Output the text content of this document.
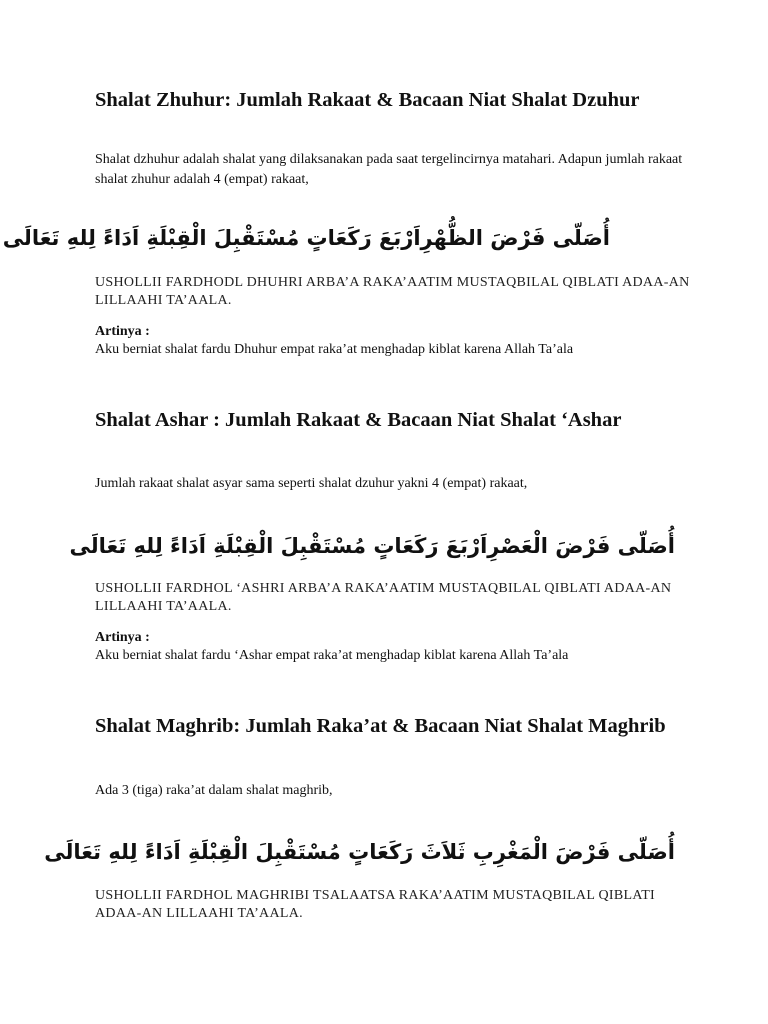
Shalat Zhuhur: Jumlah Rakaat & Bacaan Niat Shalat Dzuhur
Shalat dzhuhur adalah shalat yang dilaksanakan pada saat tergelincirnya matahari. Adapun jumlah rakaat shalat zhuhur adalah 4 (empat) rakaat,
أُصَلّى فَرْضَ الظُّهْرِاَرْبَعَ رَكَعَاتٍ مُسْتَقْبِلَ الْقِبْلَةِ اَدَاءً لِلهِ تَعَالَى
USHOLLII FARDHODL DHUHRI ARBA’A RAKA’AATIM MUSTAQBILAL QIBLATI ADAA-AN LILLAAHI TA’AALA.
Artinya :
Aku berniat shalat fardu Dhuhur empat raka’at menghadap kiblat karena Allah Ta’ala
Shalat Ashar : Jumlah Rakaat & Bacaan Niat Shalat ‘Ashar
Jumlah rakaat shalat asyar sama seperti shalat dzuhur yakni 4 (empat) rakaat,
أُصَلّى فَرْضَ الْعَصْرِاَرْبَعَ رَكَعَاتٍ مُسْتَقْبِلَ الْقِبْلَةِ اَدَاءً لِلهِ تَعَالَى
USHOLLII FARDHOL ‘ASHRI ARBA’A RAKA’AATIM MUSTAQBILAL QIBLATI ADAA-AN LILLAAHI TA’AALA.
Artinya :
Aku berniat shalat fardu ‘Ashar empat raka’at menghadap kiblat karena Allah Ta’ala
Shalat Maghrib: Jumlah Raka’at & Bacaan Niat Shalat Maghrib
Ada 3 (tiga) raka’at dalam shalat maghrib,
أُصَلّى فَرْضَ الْمَغْرِبِ ثَلاَثَ رَكَعَاتٍ مُسْتَقْبِلَ الْقِبْلَةِ اَدَاءً لِلهِ تَعَالَى
USHOLLII FARDHOL MAGHRIBI TSALAATSA RAKA’AATIM MUSTAQBILAL QIBLATI ADAA-AN LILLAAHI TA’AALA.
